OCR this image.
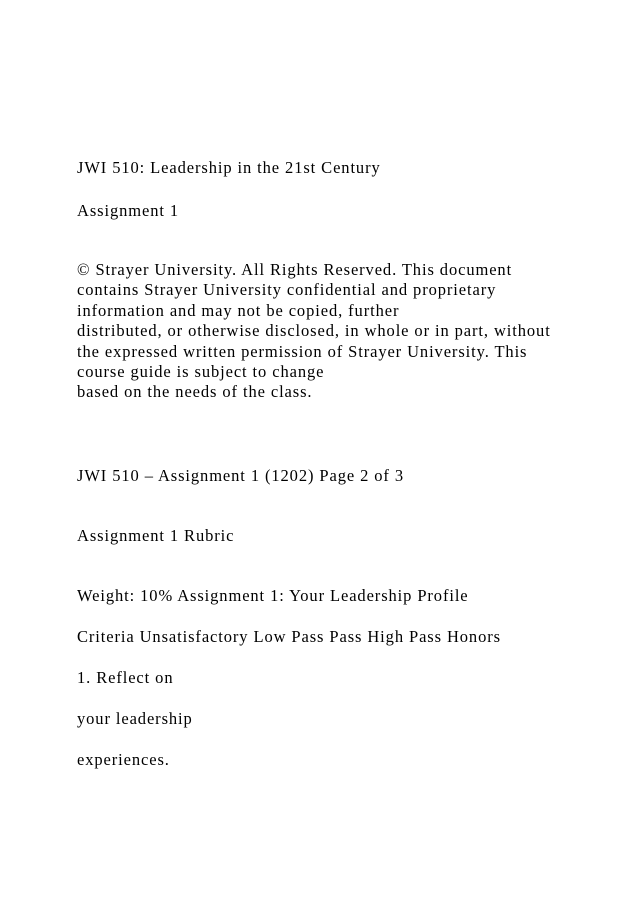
JWI 510: Leadership in the 21st Century
Assignment 1
© Strayer University. All Rights Reserved. This document
contains Strayer University confidential and proprietary
information and may not be copied, further
distributed, or otherwise disclosed, in whole or in part, without
the expressed written permission of Strayer University. This
course guide is subject to change
based on the needs of the class.
JWI 510 – Assignment 1 (1202) Page 2 of 3
Assignment 1 Rubric
Weight: 10% Assignment 1: Your Leadership Profile
Criteria Unsatisfactory Low Pass Pass High Pass Honors
1. Reflect on
your leadership
experiences.
